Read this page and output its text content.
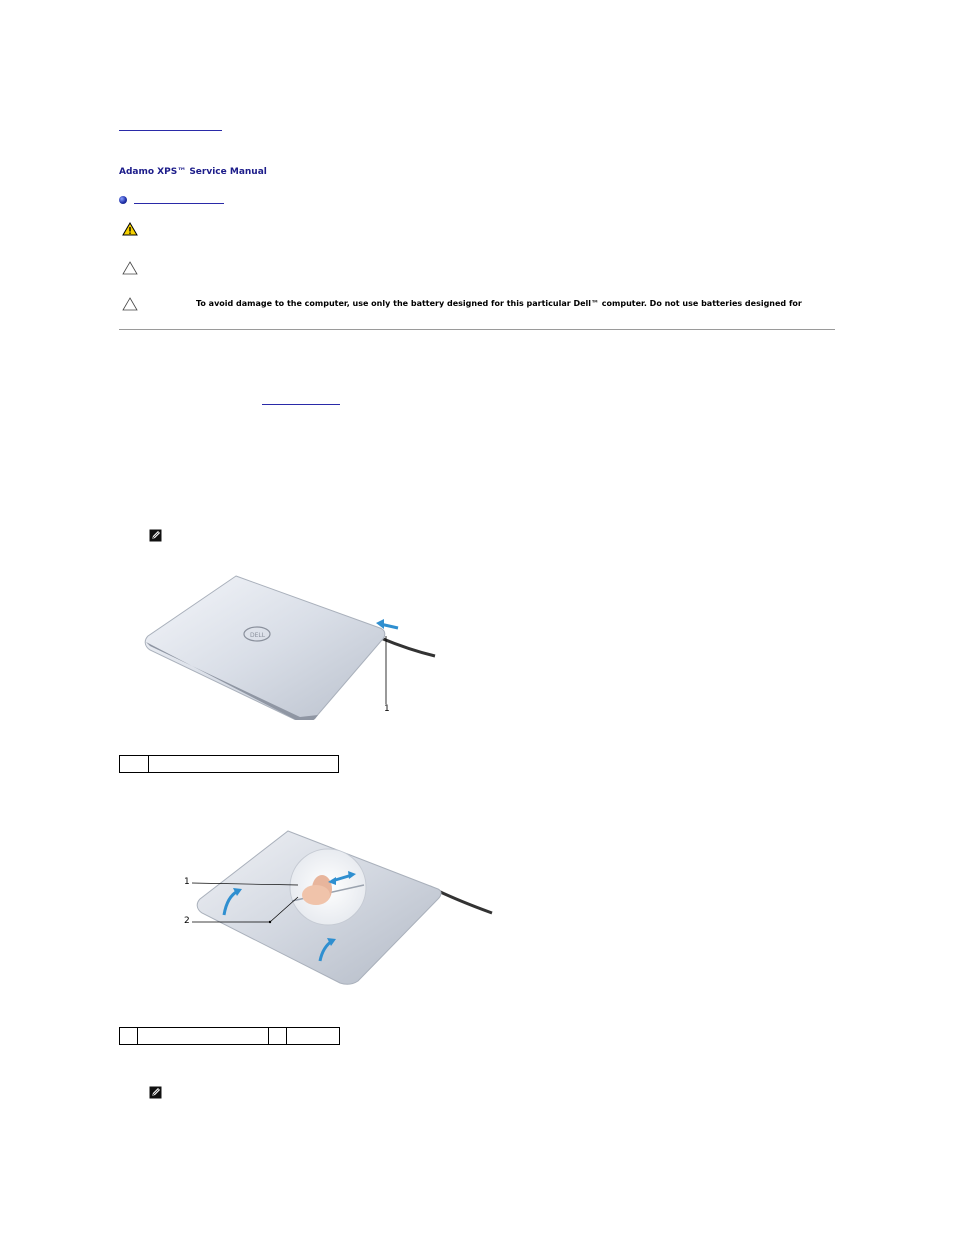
Adamo XPS™ Service Manual
To avoid damage to the computer, use only the battery designed for this particular Dell™ computer. Do not use batteries designed for
DELL
1

1
2
